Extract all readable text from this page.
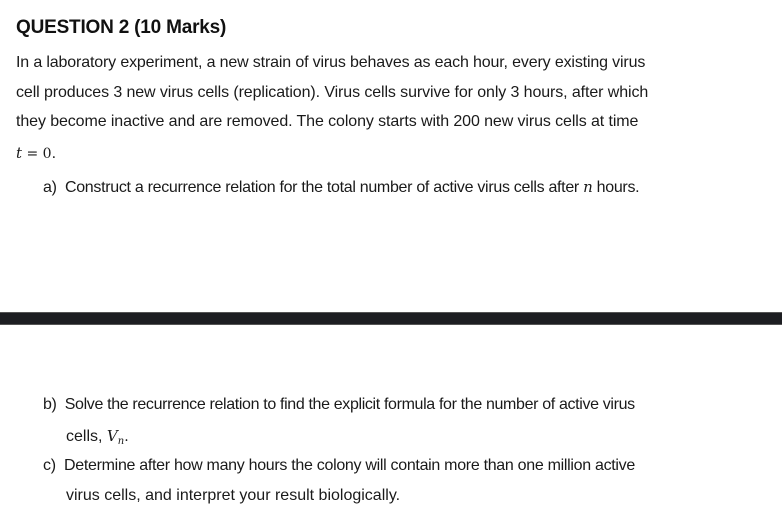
QUESTION 2 (10 Marks)
In a laboratory experiment, a new strain of virus behaves as each hour, every existing virus
cell produces 3 new virus cells (replication). Virus cells survive for only 3 hours, after which
they become inactive and are removed. The colony starts with 200 new virus cells at time
t = 0.
a) Construct a recurrence relation for the total number of active virus cells after n hours.
b) Solve the recurrence relation to find the explicit formula for the number of active virus
cells, $V_n$.
c) Determine after how many hours the colony will contain more than one million active
virus cells, and interpret your result biologically.
